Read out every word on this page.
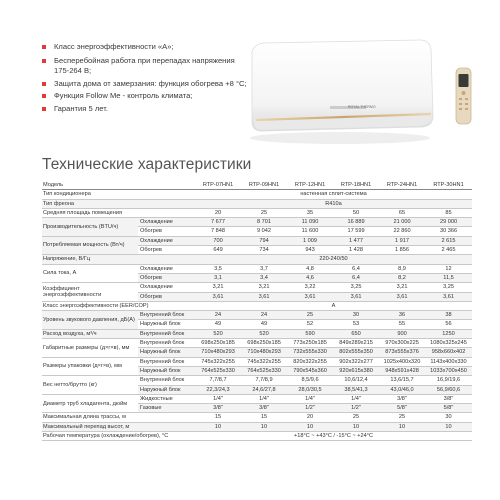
Класс энергоэффективности «А»;
Бесперебойная работа при перепадах напряжения 175-264 В;
Защита дома от замерзания: функция обогрева +8 °С;
Функция Follow Me - контроль климата;
Гарантия 5 лет.	ROYAL THERMO
Технические характеристики
Модель		RTP-07HN1	RTP-09HN1	RTP-12HN1	RTP-18HN1	RTP-24HN1	RTP-30HN1
Тип кондиционера		настенная сплит-система					
Тип фреона		R410a					
Средняя площадь помещения		20	25	35	50	65	85
Производительность (BTU/ч)	Охлаждение	7 677	8 701	11 090	16 889	21 000	29 000
	Обогрев	7 848	9 042	11 600	17 599	22 860	30 366
Потребляемая мощность (Вт/ч)	Охлаждение	700	794	1 009	1 477	1 917	2 615
	Обогрев	649	734	943	1 428	1 856	2 465
Напряжение, В/Гц		220-240/50					
Сила тока, А	Охлаждение	3,5	3,7	4,8	6,4	8,9	12
	Обогрев	3,1	3,4	4,6	6,4	8,2	11,5
Коэффициент энергоэффективности	Охлаждение	3,21	3,21	3,22	3,25	3,21	3,25
	Обогрев	3,61	3,61	3,61	3,61	3,61	3,61
Класс энергоэффективности (EER/COP)		A					
Уровень звукового давления, дБ(А)	Внутренний блок	24	24	25	30	36	38
	Наружный блок	49	49	52	53	55	56
Расход воздуха, м³/ч	Внутренний блок	520	520	590	650	900	1250
Габаритные размеры (д×г×в), мм	Внутренний блок	698х250х185	698х250х185	773х250х185	849х289х215	970х300х225	1080х325х245
	Наружный блок	710х480х293	710х480х293	732х555х330	802х555х350	873х555х376	958х660х402
Размеры упаковки (д×г×в), мм	Внутренний блок	745х322х255	745х322х255	820х322х255	902х322х277	1025х400х320	1143х400х330
	Наружный блок	764х525х330	764х525х330	790х545х360	920х615х380	948х591х428	1033х700х450
Вес нетто/брутто (кг)	Внутренний блок	7,7/8,7	7,7/8,9	8,5/9,6	10,6/12,4	13,6/15,7	16,9/19,6
	Наружный блок	22,3/24,3	24,6/27,8	28,0/30,5	38,5/41,3	43,0/46,0	56,9/60,6
Диаметр труб хладагента, дюйм	Жидкостные	1/4"	1/4"	1/4"	1/4"	3/8"	3/8"
	Газовые	3/8"	3/8"	1/2"	1/2"	5/8"	5/8"
Максимальная длина трассы, м		15	15	20	25	25	30
Максимальный перепад высот, м		10	10	10	10	10	10
Рабочая температура (охлаждение/обогрев), °С		+18°С ~ +43°С / -15°С ~ +24°С					
